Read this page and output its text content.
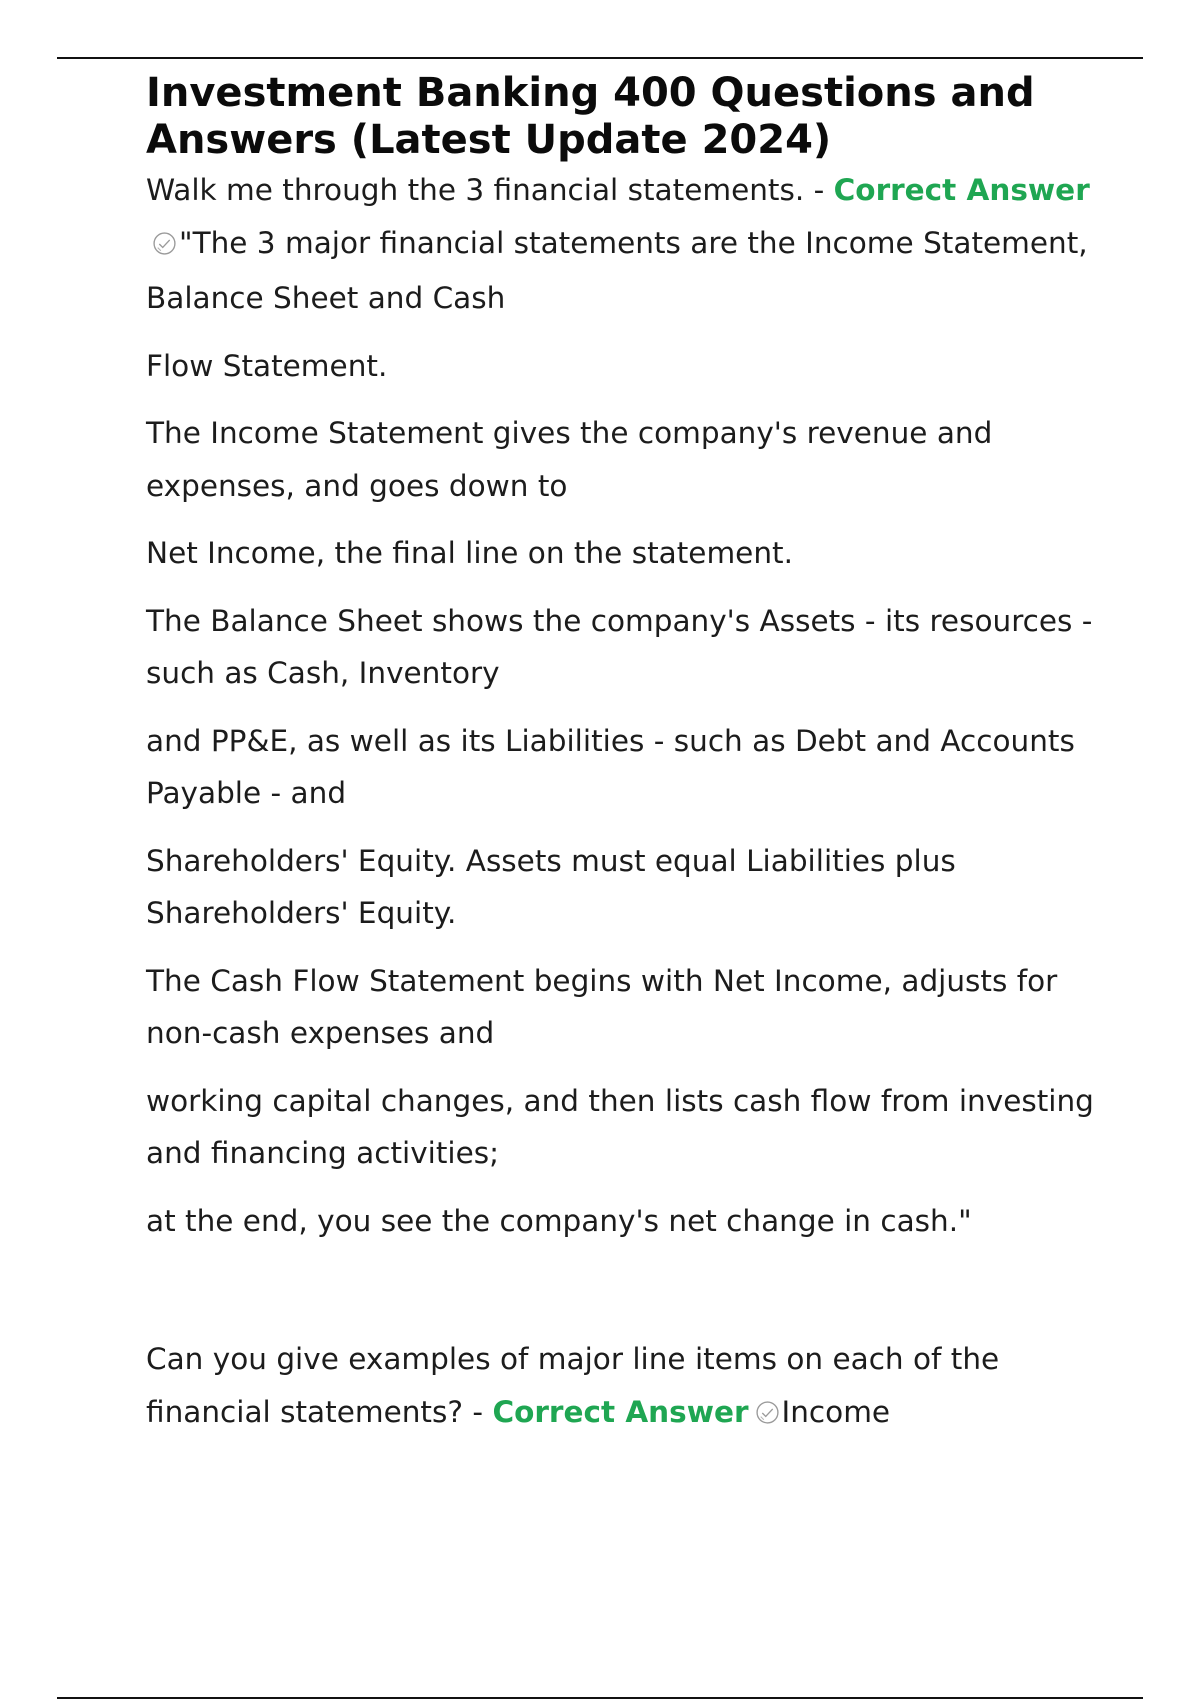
Investment Banking 400 Questions and Answers (Latest Update 2024)

Walk me through the 3 financial statements. - Correct Answer"The 3 major financial statements are the Income Statement, Balance Sheet and Cash

Flow Statement.

The Income Statement gives the company's revenue and expenses, and goes down to

Net Income, the final line on the statement.

The Balance Sheet shows the company's Assets - its resources - such as Cash, Inventory

and PP&E, as well as its Liabilities - such as Debt and Accounts Payable - and

Shareholders' Equity. Assets must equal Liabilities plus Shareholders' Equity.

The Cash Flow Statement begins with Net Income, adjusts for non-cash expenses and

working capital changes, and then lists cash flow from investing and financing activities;

at the end, you see the company's net change in cash."

Can you give examples of major line items on each of the financial statements? - Correct Answer Income
